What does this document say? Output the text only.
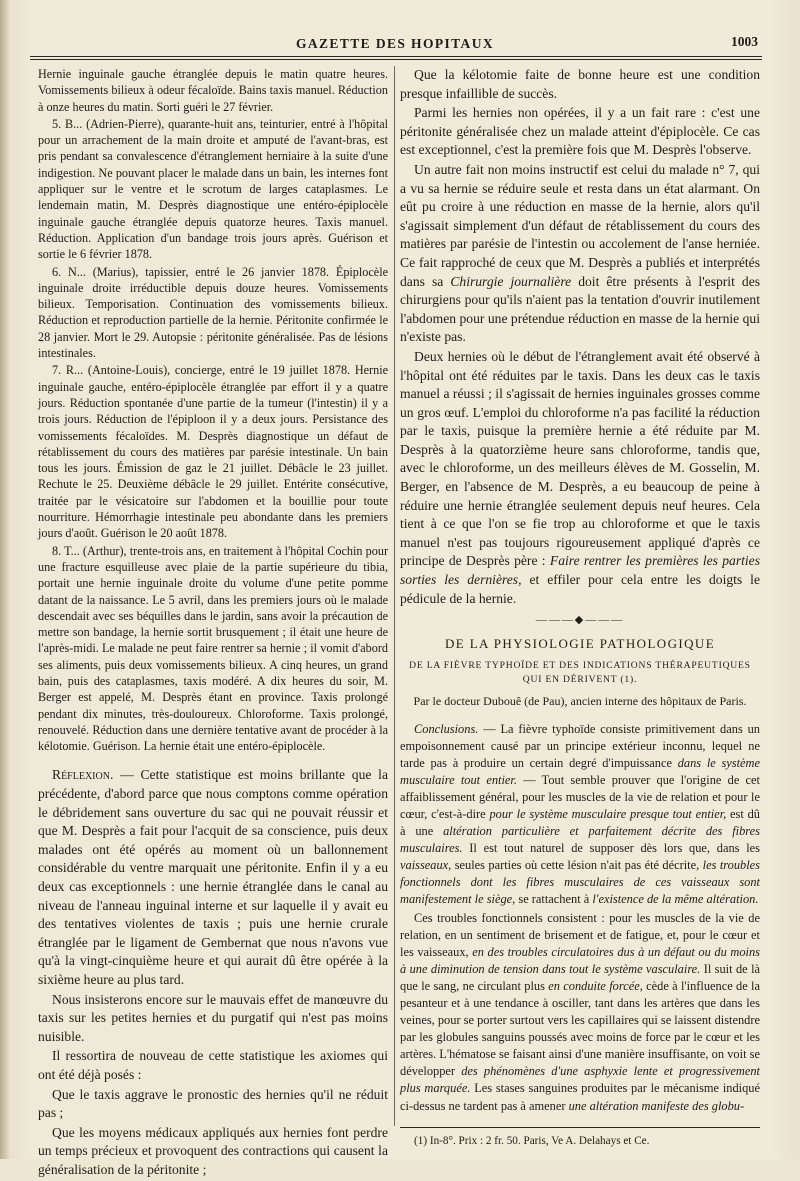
GAZETTE DES HOPITAUX	1003

Hernie inguinale gauche étranglée depuis le matin quatre heures. Vomissements bilieux à odeur fécaloïde. Bains taxis manuel. Réduction à onze heures du matin. Sorti guéri le 27 février.

5. B... (Adrien-Pierre), quarante-huit ans, teinturier, entré à l'hôpital pour un arrachement de la main droite et amputé de l'avant-bras, est pris pendant sa convalescence d'étranglement herniaire à la suite d'une indigestion. Ne pouvant placer le malade dans un bain, les internes font appliquer sur le ventre et le scrotum de larges cataplasmes. Le lendemain matin, M. Desprès diagnostique une entéro-épiplocèle inguinale gauche étranglée depuis quatorze heures. Taxis manuel. Réduction. Application d'un bandage trois jours après. Guérison et sortie le 6 février 1878.

6. N... (Marius), tapissier, entré le 26 janvier 1878. Épiplocèle inguinale droite irréductible depuis douze heures. Vomissements bilieux. Temporisation. Continuation des vomissements bilieux. Réduction et reproduction partielle de la hernie. Péritonite confirmée le 28 janvier. Mort le 29. Autopsie : péritonite généralisée. Pas de lésions intestinales.

7. R... (Antoine-Louis), concierge, entré le 19 juillet 1878. Hernie inguinale gauche, entéro-épiplocèle étranglée par effort il y a quatre jours. Réduction spontanée d'une partie de la tumeur (l'intestin) il y a trois jours. Réduction de l'épiploon il y a deux jours. Persistance des vomissements fécaloïdes. M. Desprès diagnostique un défaut de rétablissement du cours des matières par parésie intestinale. Un bain tous les jours. Émission de gaz le 21 juillet. Débâcle le 23 juillet. Rechute le 25. Deuxième débâcle le 29 juillet. Entérite consécutive, traitée par le vésicatoire sur l'abdomen et la bouillie pour toute nourriture. Hémorrhagie intestinale peu abondante dans les premiers jours d'août. Guérison le 20 août 1878.

8. T... (Arthur), trente-trois ans, en traitement à l'hôpital Cochin pour une fracture esquilleuse avec plaie de la partie supérieure du tibia, portait une hernie inguinale droite du volume d'une petite pomme datant de la naissance. Le 5 avril, dans les premiers jours où le malade descendait avec ses béquilles dans le jardin, sans avoir la précaution de mettre son bandage, la hernie sortit brusquement ; il était une heure de l'après-midi. Le malade ne peut faire rentrer sa hernie ; il vomit d'abord ses aliments, puis deux vomissements bilieux. A cinq heures, un grand bain, puis des cataplasmes, taxis modéré. A dix heures du soir, M. Berger est appelé, M. Desprès étant en province. Taxis prolongé pendant dix minutes, très-douloureux. Chloroforme. Taxis prolongé, renouvelé. Réduction dans une dernière tentative avant de procéder à la kélotomie. Guérison. La hernie était une entéro-épiplocèle.

Réflexion. — Cette statistique est moins brillante que la précédente, d'abord parce que nous comptons comme opération le débridement sans ouverture du sac qui ne pouvait réussir et que M. Desprès a fait pour l'acquit de sa conscience, puis deux malades ont été opérés au moment où un ballonnement considérable du ventre marquait une péritonite. Enfin il y a eu deux cas exceptionnels : une hernie étranglée dans le canal au niveau de l'anneau inguinal interne et sur laquelle il y avait eu des tentatives violentes de taxis ; puis une hernie crurale étranglée par le ligament de Gembernat que nous n'avons vue qu'à la vingt-cinquième heure et qui aurait dû être opérée à la sixième heure au plus tard.

Nous insisterons encore sur le mauvais effet de manœuvre du taxis sur les petites hernies et du purgatif qui n'est pas moins nuisible.

Il ressortira de nouveau de cette statistique les axiomes qui ont été déjà posés :

Que le taxis aggrave le pronostic des hernies qu'il ne réduit pas ;

Que les moyens médicaux appliqués aux hernies font perdre un temps précieux et provoquent des contractions qui causent la généralisation de la péritonite ;

Que la kélotomie faite de bonne heure est une condition presque infaillible de succès.

Parmi les hernies non opérées, il y a un fait rare : c'est une péritonite généralisée chez un malade atteint d'épiplocèle. Ce cas est exceptionnel, c'est la première fois que M. Desprès l'observe.

Un autre fait non moins instructif est celui du malade n° 7, qui a vu sa hernie se réduire seule et resta dans un état alarmant. On eût pu croire à une réduction en masse de la hernie, alors qu'il s'agissait simplement d'un défaut de rétablissement du cours des matières par parésie de l'intestin ou accolement de l'anse herniée. Ce fait rapproché de ceux que M. Desprès a publiés et interprétés dans sa Chirurgie journalière doit être présents à l'esprit des chirurgiens pour qu'ils n'aient pas la tentation d'ouvrir inutilement l'abdomen pour une prétendue réduction en masse de la hernie qui n'existe pas.

Deux hernies où le début de l'étranglement avait été observé à l'hôpital ont été réduites par le taxis. Dans les deux cas le taxis manuel a réussi ; il s'agissait de hernies inguinales grosses comme un gros œuf. L'emploi du chloroforme n'a pas facilité la réduction par le taxis, puisque la première hernie a été réduite par M. Desprès à la quatorzième heure sans chloroforme, tandis que, avec le chloroforme, un des meilleurs élèves de M. Gosselin, M. Berger, en l'absence de M. Desprès, a eu beaucoup de peine à réduire une hernie étranglée seulement depuis neuf heures. Cela tient à ce que l'on se fie trop au chloroforme et que le taxis manuel n'est pas toujours rigoureusement appliqué d'après ce principe de Desprès père : Faire rentrer les premières les parties sorties les dernières, et effiler pour cela entre les doigts le pédicule de la hernie.

———◆———
DE LA PHYSIOLOGIE PATHOLOGIQUE
DE LA FIÈVRE TYPHOÏDE ET DES INDICATIONS THÉRAPEUTIQUES QUI EN DÉRIVENT (1).
Par le docteur Dubouê (de Pau), ancien interne des hôpitaux de Paris.

Conclusions. — La fièvre typhoïde consiste primitivement dans un empoisonnement causé par un principe extérieur inconnu, lequel ne tarde pas à produire un certain degré d'impuissance dans le système musculaire tout entier. — Tout semble prouver que l'origine de cet affaiblissement général, pour les muscles de la vie de relation et pour le cœur, c'est-à-dire pour le système musculaire presque tout entier, est dû à une altération particulière et parfaitement décrite des fibres musculaires. Il est tout naturel de supposer dès lors que, dans les vaisseaux, seules parties où cette lésion n'ait pas été décrite, les troubles fonctionnels dont les fibres musculaires de ces vaisseaux sont manifestement le siège, se rattachent à l'existence de la même altération.

Ces troubles fonctionnels consistent : pour les muscles de la vie de relation, en un sentiment de brisement et de fatigue, et, pour le cœur et les vaisseaux, en des troubles circulatoires dus à un défaut ou du moins à une diminution de tension dans tout le système vasculaire. Il suit de là que le sang, ne circulant plus en conduite forcée, cède à l'influence de la pesanteur et à une tendance à osciller, tant dans les artères que dans les veines, pour se porter surtout vers les capillaires qui se laissent distendre par les globules sanguins poussés avec moins de force par le cœur et les artères. L'hématose se faisant ainsi d'une manière insuffisante, on voit se développer des phénomènes d'une asphyxie lente et progressivement plus marquée. Les stases sanguines produites par le mécanisme indiqué ci-dessus ne tardent pas à amener une altération manifeste des globu-

(1) In-8°. Prix : 2 fr. 50. Paris, Ve A. Delahays et Ce.
